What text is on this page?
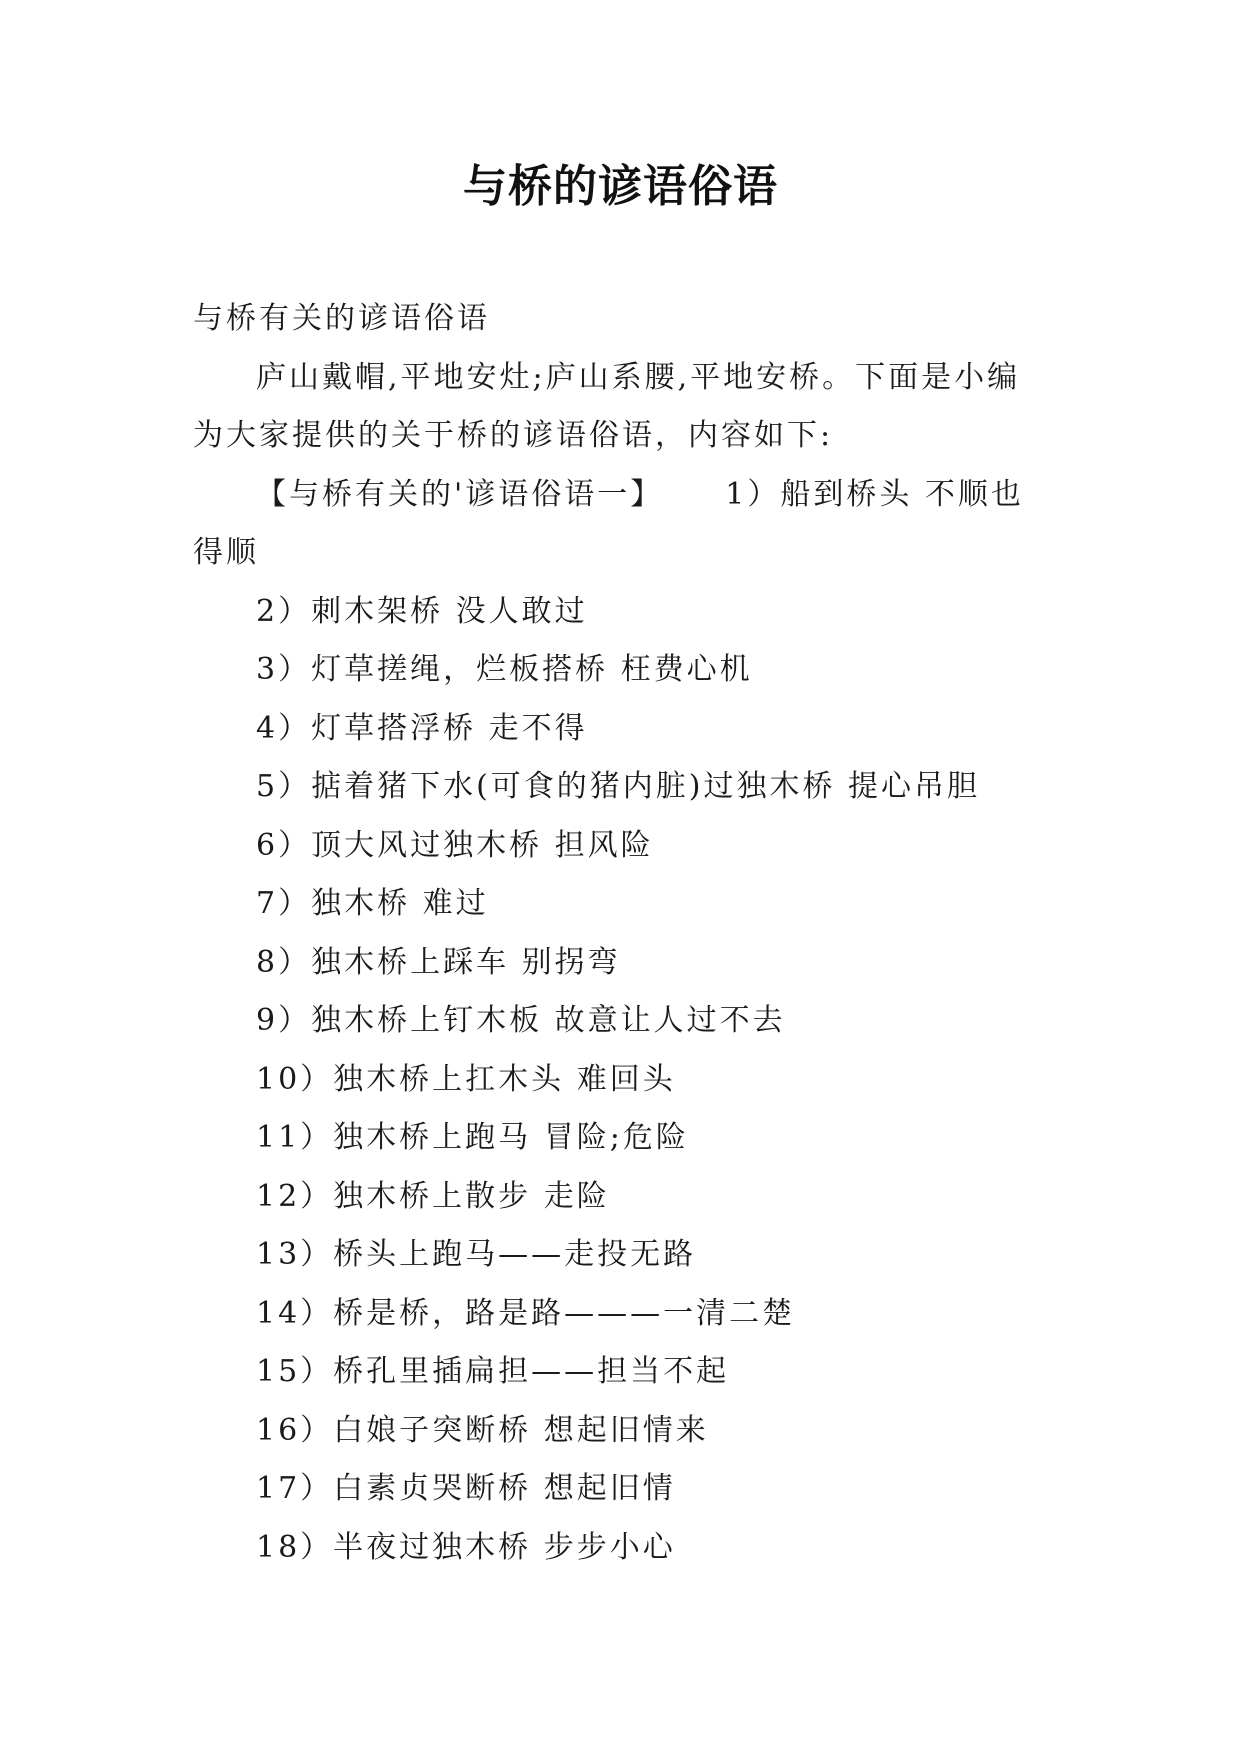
与桥的谚语俗语
与桥有关的谚语俗语
庐山戴帽,平地安灶;庐山系腰,平地安桥。下面是小编
为大家提供的关于桥的谚语俗语，内容如下:
【与桥有关的'谚语俗语一】 1）船到桥头 不顺也
得顺
2）刺木架桥 没人敢过
3）灯草搓绳，烂板搭桥 枉费心机
4）灯草搭浮桥 走不得
5）掂着猪下水(可食的猪内脏)过独木桥 提心吊胆
6）顶大风过独木桥 担风险
7）独木桥 难过
8）独木桥上踩车 别拐弯
9）独木桥上钉木板 故意让人过不去
10）独木桥上扛木头 难回头
11）独木桥上跑马 冒险;危险
12）独木桥上散步 走险
13）桥头上跑马——走投无路
14）桥是桥，路是路———一清二楚
15）桥孔里插扁担——担当不起
16）白娘子突断桥 想起旧情来
17）白素贞哭断桥 想起旧情
18）半夜过独木桥 步步小心
